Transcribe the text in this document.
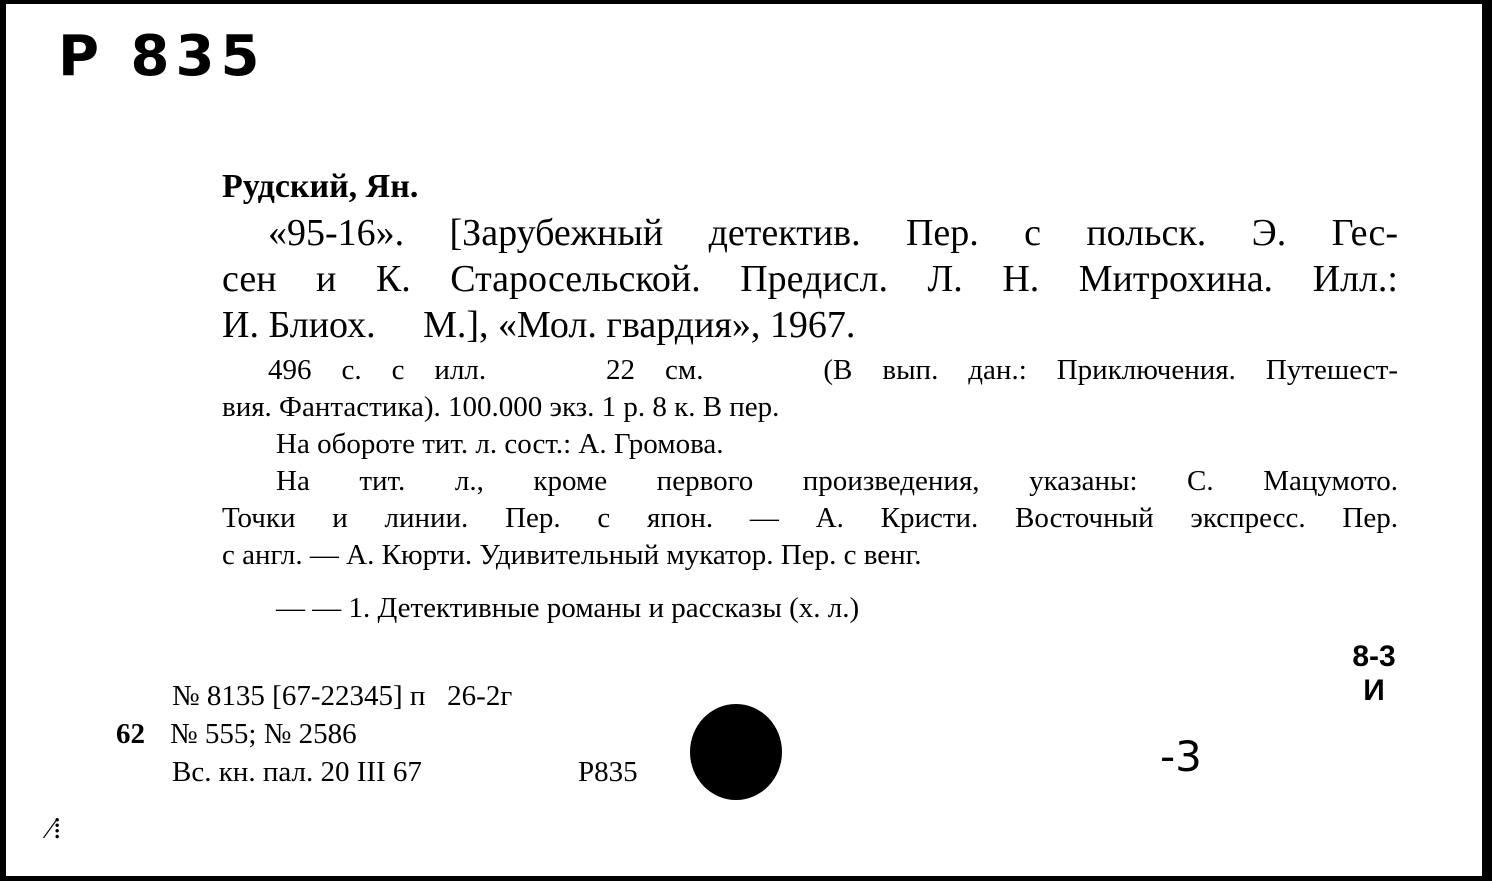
P 835
Рудский, Ян.
«95-16». [Зарубежный детектив. Пер. с польск. Э. Гес-
сен и К. Старосельской. Предисл. Л. Н. Митрохина. Илл.:
И. Блиох.     М.], «Мол. гвардия», 1967.
496 с. с илл.    22 см.    (В вып. дан.: Приключения. Путешест-
вия. Фантастика). 100.000 экз. 1 р. 8 к. В пер.
На обороте тит. л. сост.: А. Громова.
На тит. л., кроме первого произведения, указаны: С. Мацумото.
Точки и линии. Пер. с япон. — А. Кристи. Восточный экспресс. Пер.
с англ. — А. Кюрти. Удивительный мукатор. Пер. с венг.
— — 1. Детективные романы и рассказы (х. л.)
8-3
И
№ 8135 [67-22345] п   26-2г
62 № 555; № 2586
Вс. кн. пал. 20 III 67	P835	-3
⁄⁞
